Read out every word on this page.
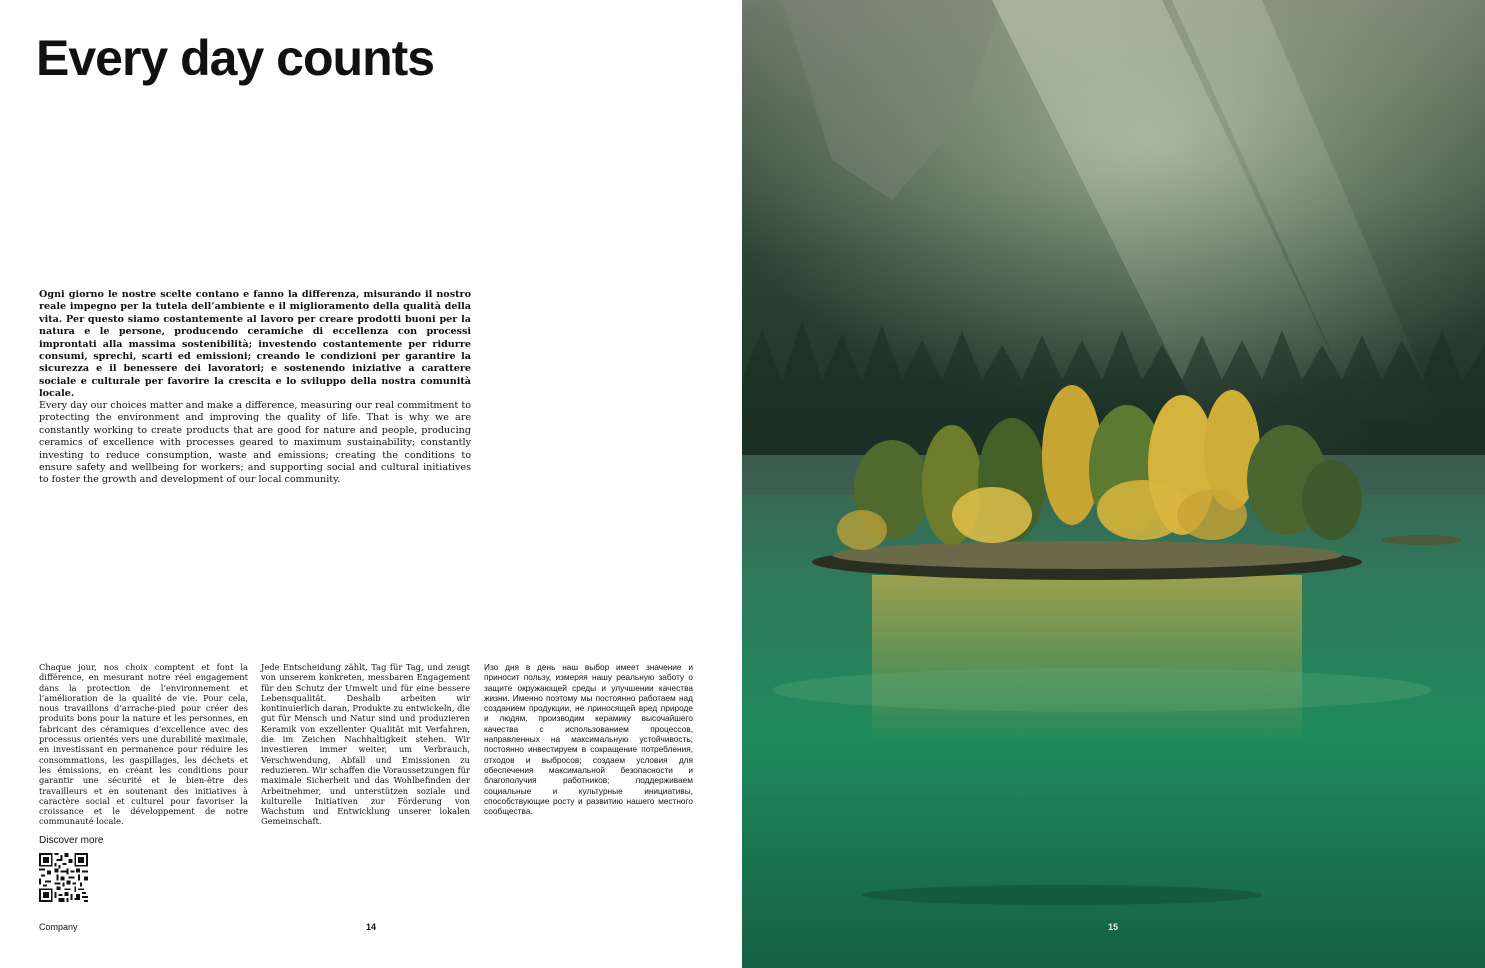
Every day counts

Ogni giorno le nostre scelte contano e fanno la differenza, misurando il nostro reale impegno per la tutela dell’ambiente e il miglioramento della qualità della vita. Per questo siamo costantemente al lavoro per creare prodotti buoni per la natura e le persone, producendo ceramiche di eccellenza con processi improntati alla massima sostenibilità; investendo costantemente per ridurre consumi, sprechi, scarti ed emissioni; creando le condizioni per garantire la sicurezza e il benessere dei lavoratori; e sostenendo iniziative a carattere sociale e culturale per favorire la crescita e lo sviluppo della nostra comunità locale.

Every day our choices matter and make a difference, measuring our real commitment to protecting the environment and improving the quality of life. That is why we are constantly working to create products that are good for nature and people, producing ceramics of excellence with processes geared to maximum sustainability; constantly investing to reduce consumption, waste and emissions; creating the conditions to ensure safety and wellbeing for workers; and supporting social and cultural initiatives to foster the growth and development of our local community.

Chaque jour, nos choix comptent et font la différence, en mesurant notre réel engagement dans la protection de l’environnement et l’amélioration de la qualité de vie. Pour cela, nous travaillons d’arrache-pied pour créer des produits bons pour la nature et les personnes, en fabricant des céramiques d’excellence avec des processus orientés vers une durabilité maximale, en investissant en permanence pour réduire les consommations, les gaspillages, les déchets et les émissions, en créant les conditions pour garantir une sécurité et le bien-être des travailleurs et en soutenant des initiatives à caractère social et culturel pour favoriser la croissance et le développement de notre communauté locale.

Jede Entscheidung zählt, Tag für Tag, und zeugt von unserem konkreten, messbaren Engagement für den Schutz der Umwelt und für eine bessere Lebensqualität. Deshalb arbeiten wir kontinuierlich daran, Produkte zu entwickeln, die gut für Mensch und Natur sind und produzieren Keramik von exzellenter Qualität mit Verfahren, die im Zeichen Nachhaltigkeit stehen. Wir investieren immer weiter, um Verbrauch, Verschwendung, Abfall und Emissionen zu reduzieren. Wir schaffen die Voraussetzungen für maximale Sicherheit und das Wohlbefinden der Arbeitnehmer, und unterstützen soziale und kulturelle Initiativen zur Förderung von Wachstum und Entwicklung unserer lokalen Gemeinschaft.

Изо дня в день наш выбор имеет значение и приносит пользу, измеряя нашу реальную заботу о защите окружающей среды и улучшении качества жизни. Именно поэтому мы постоянно работаем над созданием продукции, не приносящей вред природе и людям, производим керамику высочайшего качества с использованием процессов, направленных на максимальную устойчивость; постоянно инвестируем в сокращение потребления, отходов и выбросов; создаем условия для обеспечения максимальной безопасности и благополучия работников; поддерживаем социальные и культурные инициативы, способствующие росту и развитию нашего местного сообщества.

Discover more
Company	14	15
